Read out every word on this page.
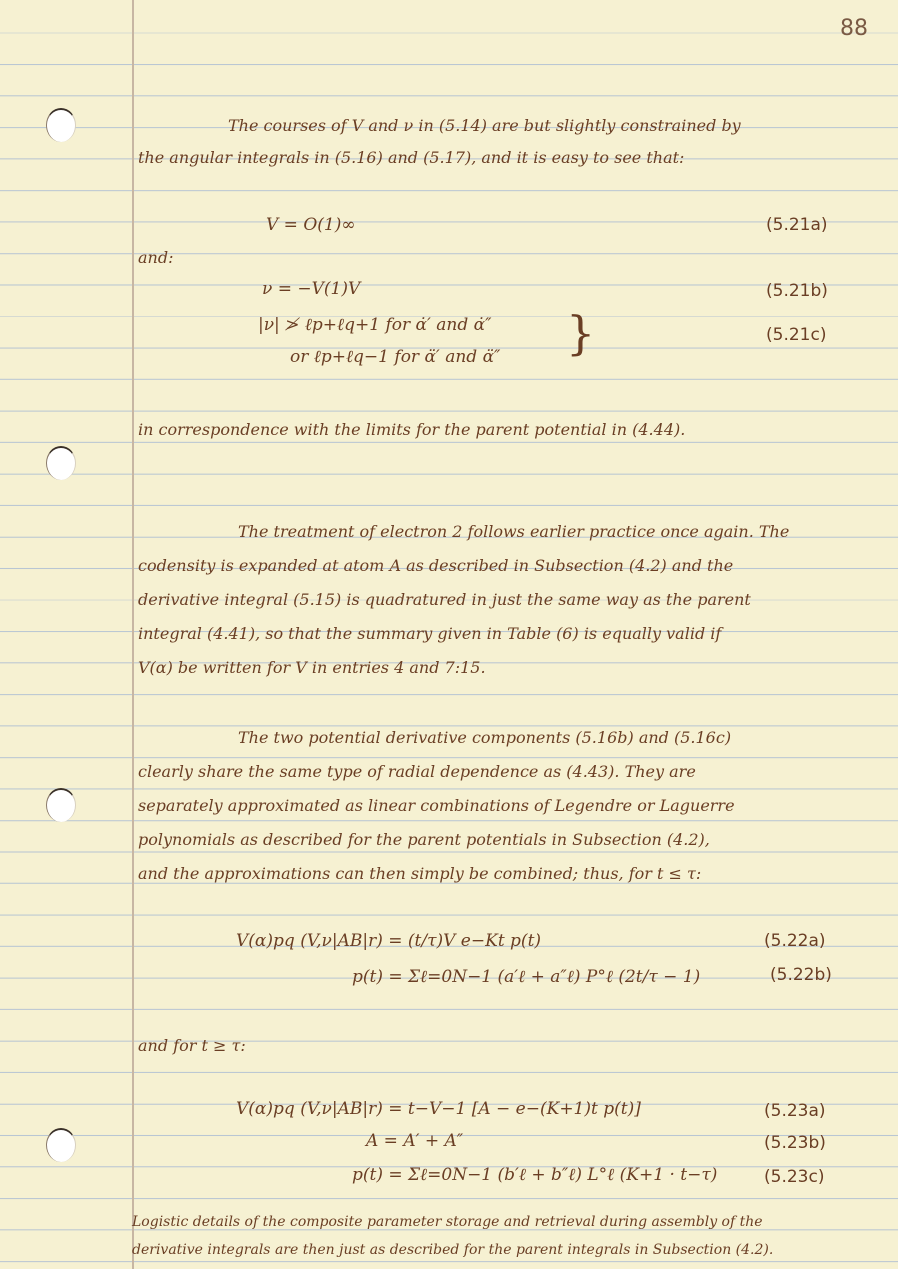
88
The courses of V and ν in (5.14) are but slightly constrained by
the angular integrals in (5.16) and (5.17), and it is easy to see that:
V = O(1)∞	(5.21a)
and:
ν = −V(1)V	(5.21b)
|ν| ≯ ℓp+ℓq+1 for α̇′ and α̇″
or ℓp+ℓq−1 for α̈′ and α̈″ }	(5.21c)
in correspondence with the limits for the parent potential in (4.44).
The treatment of electron 2 follows earlier practice once again. The
codensity is expanded at atom A as described in Subsection (4.2) and the
derivative integral (5.15) is quadratured in just the same way as the parent
integral (4.41), so that the summary given in Table (6) is equally valid if
V(α) be written for V in entries 4 and 7:15.
The two potential derivative components (5.16b) and (5.16c)
clearly share the same type of radial dependence as (4.43). They are
separately approximated as linear combinations of Legendre or Laguerre
polynomials as described for the parent potentials in Subsection (4.2),
and the approximations can then simply be combined; thus, for t ≤ τ:
V(α)pq (V,ν|AB|r) = (t/τ)V e−Kt p(t)	(5.22a)
p(t) = Σℓ=0N−1 (a′ℓ + a″ℓ) P°ℓ (2t/τ − 1)	(5.22b)
and for t ≥ τ:
V(α)pq (V,ν|AB|r) = t−V−1 [A − e−(K+1)t p(t)]	(5.23a)
A = A′ + A″	(5.23b)
p(t) = Σℓ=0N−1 (b′ℓ + b″ℓ) L°ℓ (K+1 · t−τ)	(5.23c)
Logistic details of the composite parameter storage and retrieval during assembly of the
derivative integrals are then just as described for the parent integrals in Subsection (4.2).
